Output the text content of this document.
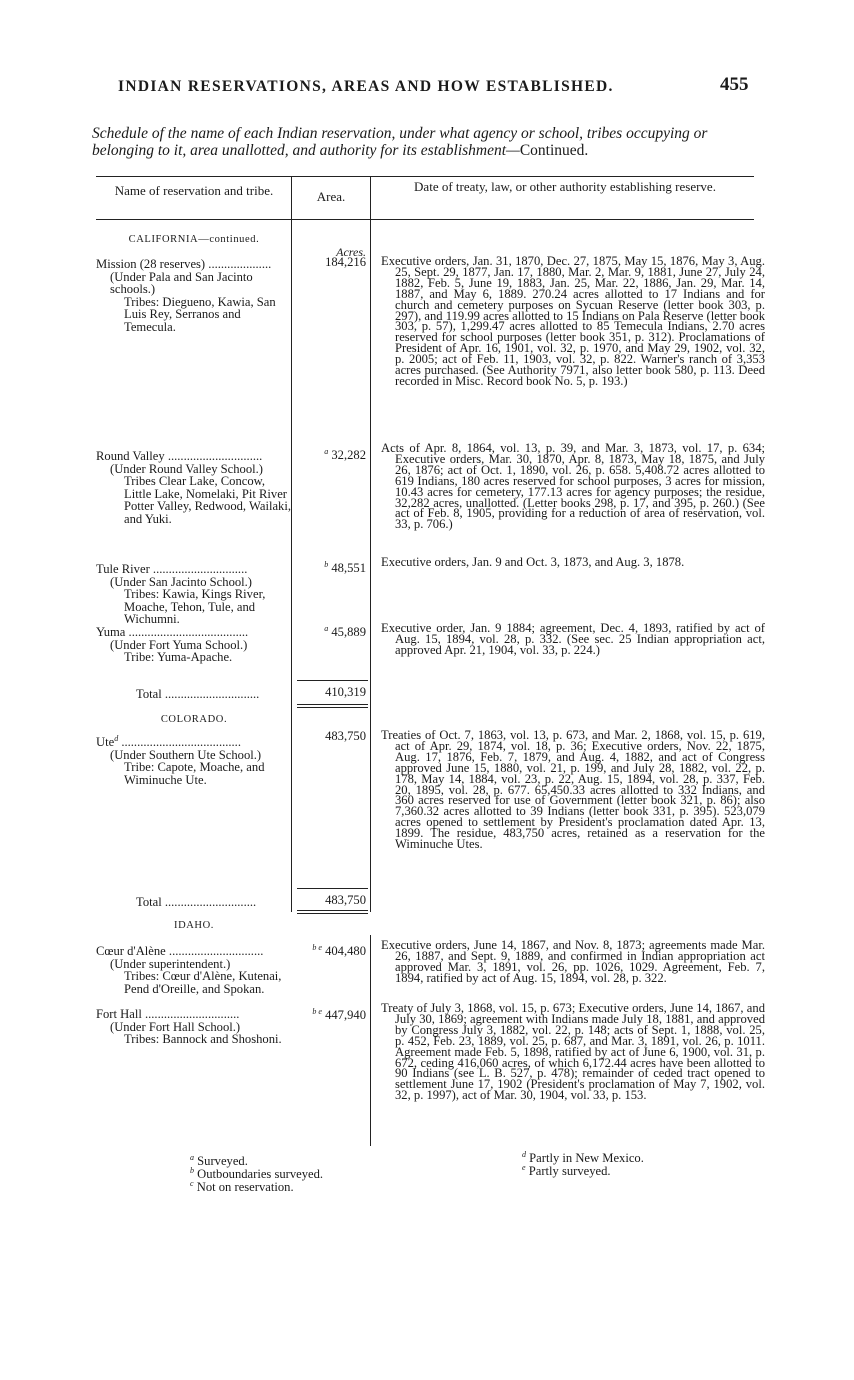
INDIAN RESERVATIONS, AREAS AND HOW ESTABLISHED.	455
Schedule of the name of each Indian reservation, under what agency or school, tribes occupying or belonging to it, area unallotted, and authority for its establishment—Continued.
Name of reservation and tribe.	Area.
Date of treaty, law, or other authority establishing reserve.
CALIFORNIA—continued.
Acres.
Mission (28 reserves) ....................
(Under Pala and San Jacinto schools.)
Tribes: Diegueno, Kawia, San Luis Rey, Serranos and Temecula.
184,216 Executive orders, Jan. 31, 1870, Dec. 27, 1875, May 15, 1876, May 3, Aug. 25, Sept. 29, 1877, Jan. 17, 1880, Mar. 2, Mar. 9, 1881, June 27, July 24, 1882, Feb. 5, June 19, 1883, Jan. 25, Mar. 22, 1886, Jan. 29, Mar. 14, 1887, and May 6, 1889. 270.24 acres allotted to 17 Indians and for church and cemetery purposes on Sycuan Reserve (letter book 303, p. 297), and 119.99 acres allotted to 15 Indians on Pala Reserve (letter book 303, p. 57), 1,299.47 acres allotted to 85 Temecula Indians, 2.70 acres reserved for school purposes (letter book 351, p. 312). Proclamations of President of Apr. 16, 1901, vol. 32, p. 1970, and May 29, 1902, vol. 32, p. 2005; act of Feb. 11, 1903, vol. 32, p. 822. Warner's ranch of 3,353 acres purchased. (See Authority 7971, also letter book 580, p. 113. Deed recorded in Misc. Record book No. 5, p. 193.)
Round Valley ..............................
(Under Round Valley School.)
Tribes Clear Lake, Concow, Little Lake, Nomelaki, Pit River Potter Valley, Redwood, Wailaki, and Yuki.
$^a$ 32,282
Acts of Apr. 8, 1864, vol. 13, p. 39, and Mar. 3, 1873, vol. 17, p. 634; Executive orders, Mar. 30, 1870, Apr. 8, 1873, May 18, 1875, and July 26, 1876; act of Oct. 1, 1890, vol. 26, p. 658. 5,408.72 acres allotted to 619 Indians, 180 acres reserved for school purposes, 3 acres for mission, 10.43 acres for cemetery, 177.13 acres for agency purposes; the residue, 32,282 acres, unallotted. (Letter books 298, p. 17, and 395, p. 260.) (See act of Feb. 8, 1905, providing for a reduction of area of reservation, vol. 33, p. 706.)
Tule River ..............................
(Under San Jacinto School.)
Tribes: Kawia, Kings River, Moache, Tehon, Tule, and Wichumni.
$^b$ 48,551 Executive orders, Jan. 9 and Oct. 3, 1873, and Aug. 3, 1878.
Yuma ......................................
(Under Fort Yuma School.)
Tribe: Yuma-Apache.
$^a$ 45,889 Executive order, Jan. 9 1884; agreement, Dec. 4, 1893, ratified by act of Aug. 15, 1894, vol. 28, p. 332. (See sec. 25 Indian appropriation act, approved Apr. 21, 1904, vol. 33, p. 224.)
Total ..............................	410,319
COLORADO.
Ute$^d$ ......................................
(Under Southern Ute School.)
Tribe: Capote, Moache, and Wiminuche Ute.
483,750 Treaties of Oct. 7, 1863, vol. 13, p. 673, and Mar. 2, 1868, vol. 15, p. 619, act of Apr. 29, 1874, vol. 18, p. 36; Executive orders, Nov. 22, 1875, Aug. 17, 1876, Feb. 7, 1879, and Aug. 4, 1882, and act of Congress approved June 15, 1880, vol. 21, p. 199, and July 28, 1882, vol. 22, p. 178, May 14, 1884, vol. 23, p. 22, Aug. 15, 1894, vol. 28, p. 337, Feb. 20, 1895, vol. 28, p. 677. 65,450.33 acres allotted to 332 Indians, and 360 acres reserved for use of Government (letter book 321, p. 86); also 7,360.32 acres allotted to 39 Indians (letter book 331, p. 395). 523,079 acres opened to settlement by President's proclamation dated Apr. 13, 1899. The residue, 483,750 acres, retained as a reservation for the Wiminuche Utes.
Total .............................	483,750
IDAHO.
Cœur d'Alène ..............................
(Under superintendent.)
Tribes: Cœur d'Alène, Kutenai, Pend d'Oreille, and Spokan.
$^{b e}$ 404,480 Executive orders, June 14, 1867, and Nov. 8, 1873; agreements made Mar. 26, 1887, and Sept. 9, 1889, and confirmed in Indian appropriation act approved Mar. 3, 1891, vol. 26, pp. 1026, 1029. Agreement, Feb. 7, 1894, ratified by act of Aug. 15, 1894, vol. 28, p. 322.
Fort Hall ..............................
(Under Fort Hall School.)
Tribes: Bannock and Shoshoni.
$^{b e}$ 447,940
Treaty of July 3, 1868, vol. 15, p. 673; Executive orders, June 14, 1867, and July 30, 1869; agreement with Indians made July 18, 1881, and approved by Congress July 3, 1882, vol. 22, p. 148; acts of Sept. 1, 1888, vol. 25, p. 452, Feb. 23, 1889, vol. 25, p. 687, and Mar. 3, 1891, vol. 26, p. 1011. Agreement made Feb. 5, 1898, ratified by act of June 6, 1900, vol. 31, p. 672, ceding 416,060 acres, of which 6,172.44 acres have been allotted to 90 Indians (see L. B. 527, p. 478); remainder of ceded tract opened to settlement June 17, 1902 (President's proclamation of May 7, 1902, vol. 32, p. 1997), act of Mar. 30, 1904, vol. 33, p. 153.
$^a$ Surveyed.
$^b$ Outboundaries surveyed.
$^c$ Not on reservation.
$^d$ Partly in New Mexico.
$^e$ Partly surveyed.
